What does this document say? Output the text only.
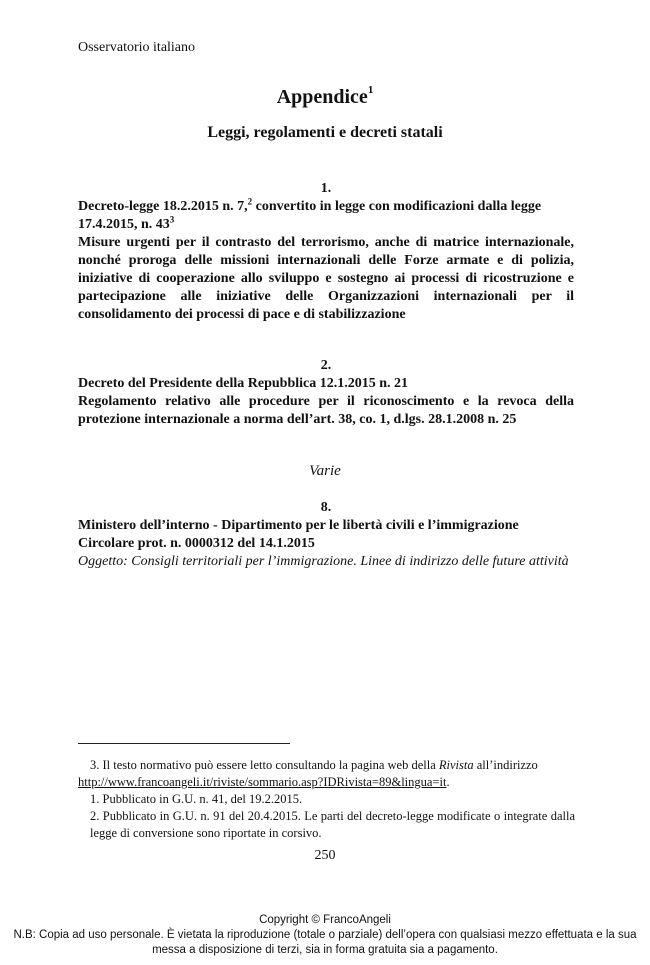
Osservatorio italiano
Appendice$^1$
Leggi, regolamenti e decreti statali
1.
Decreto-legge 18.2.2015 n. 7,$^2$ convertito in legge con modificazioni dalla legge 17.4.2015, n. $43^3$
Misure urgenti per il contrasto del terrorismo, anche di matrice internazionale, nonché proroga delle missioni internazionali delle Forze armate e di polizia, iniziative di cooperazione allo sviluppo e sostegno ai processi di ricostruzione e partecipazione alle iniziative delle Organizzazioni internazionali per il consolidamento dei processi di pace e di stabilizzazione
2.
Decreto del Presidente della Repubblica 12.1.2015 n. 21
Regolamento relativo alle procedure per il riconoscimento e la revoca della protezione internazionale a norma dell’art. 38, co. 1, d.lgs. 28.1.2008 n. 25
Varie
8.
Ministero dell’interno - Dipartimento per le libertà civili e l’immigrazione
Circolare prot. n. 0000312 del 14.1.2015
Oggetto: Consigli territoriali per l’immigrazione. Linee di indirizzo delle future attività
3. Il testo normativo può essere letto consultando la pagina web della Rivista all’indirizzo
http://www.francoangeli.it/riviste/sommario.asp?IDRivista=89&lingua=it.
1. Pubblicato in G.U. n. 41, del 19.2.2015.
2. Pubblicato in G.U. n. 91 del 20.4.2015. Le parti del decreto-legge modificate o integrate dalla legge di conversione sono riportate in corsivo.
250
Copyright © FrancoAngeli
N.B: Copia ad uso personale. È vietata la riproduzione (totale o parziale) dell’opera con qualsiasi mezzo effettuata e la sua messa a disposizione di terzi, sia in forma gratuita sia a pagamento.
